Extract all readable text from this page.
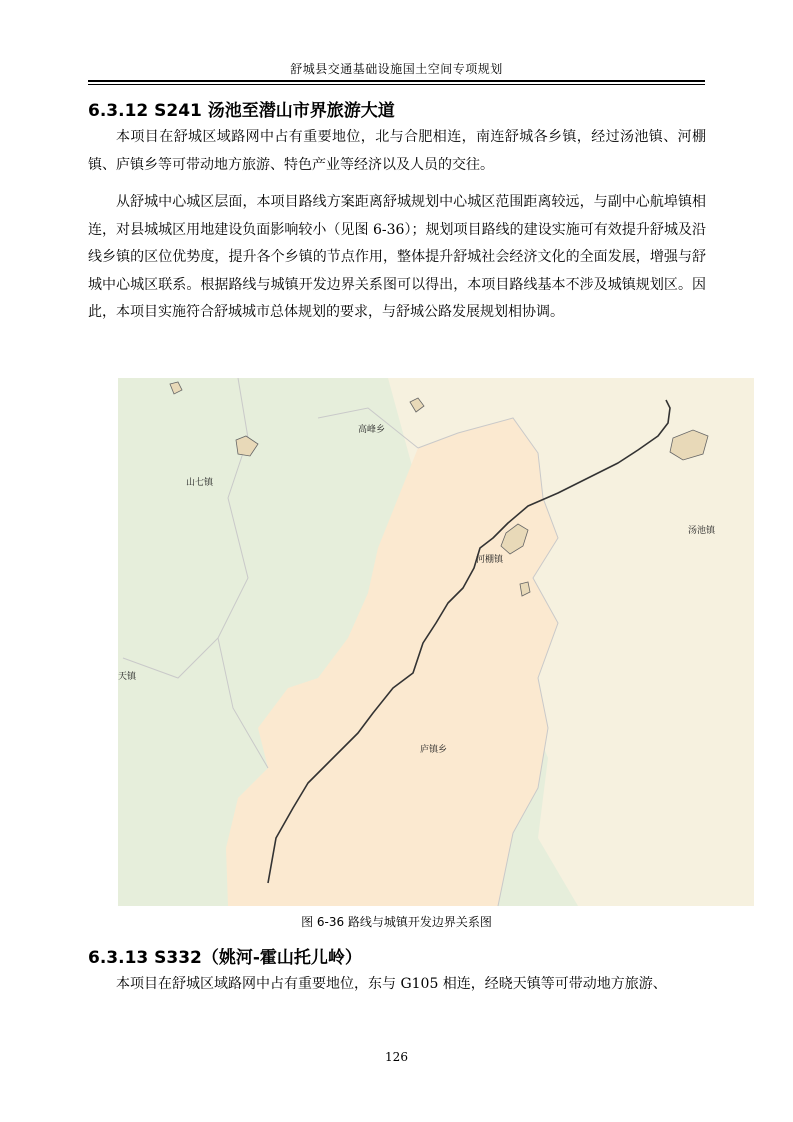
舒城县交通基础设施国土空间专项规划
6.3.12 S241 汤池至潜山市界旅游大道

本项目在舒城区域路网中占有重要地位，北与合肥相连，南连舒城各乡镇，经过汤池镇、河棚镇、庐镇乡等可带动地方旅游、特色产业等经济以及人员的交往。

从舒城中心城区层面，本项目路线方案距离舒城规划中心城区范围距离较远，与副中心航埠镇相连，对县城城区用地建设负面影响较小（见图 6-36）；规划项目路线的建设实施可有效提升舒城及沿线乡镇的区位优势度，提升各个乡镇的节点作用，整体提升舒城社会经济文化的全面发展，增强与舒城中心城区联系。根据路线与城镇开发边界关系图可以得出，本项目路线基本不涉及城镇规划区。因此，本项目实施符合舒城城市总体规划的要求，与舒城公路发展规划相协调。

高峰乡
山七镇
汤池镇
河棚镇
天镇
庐镇乡
图 6-36 路线与城镇开发边界关系图
6.3.13 S332（姚河-霍山托儿岭）

本项目在舒城区域路网中占有重要地位，东与 G105 相连，经晓天镇等可带动地方旅游、

126
